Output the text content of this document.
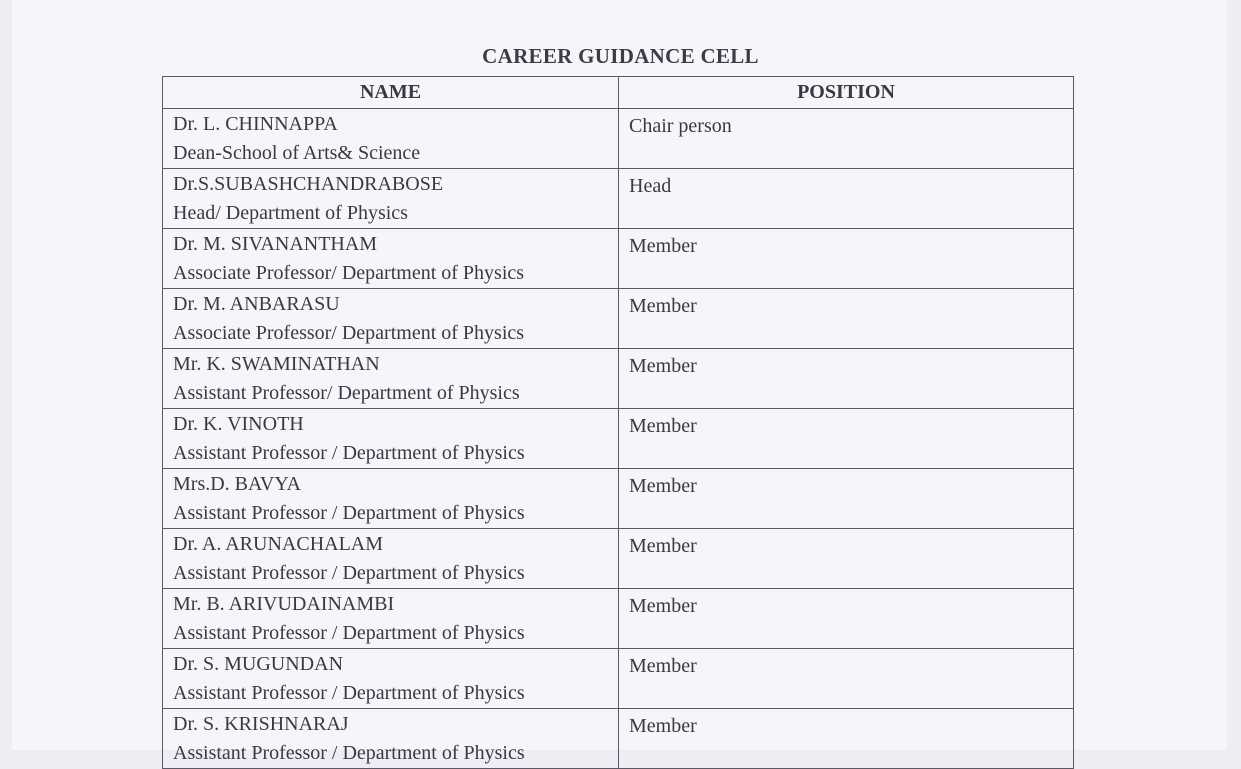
CAREER GUIDANCE CELL
NAME	POSITION

Dr. L. CHINNAPPA
Dean-School of Arts& Science	Chair person

Dr.S.SUBASHCHANDRABOSE
Head/ Department of Physics	Head

Dr. M. SIVANANTHAM
Associate Professor/ Department of Physics	Member

Dr. M. ANBARASU
Associate Professor/ Department of Physics	Member

Mr. K. SWAMINATHAN
Assistant Professor/ Department of Physics	Member

Dr. K. VINOTH
Assistant Professor / Department of Physics	Member

Mrs.D. BAVYA
Assistant Professor / Department of Physics	Member

Dr. A. ARUNACHALAM
Assistant Professor / Department of Physics	Member

Mr. B. ARIVUDAINAMBI
Assistant Professor / Department of Physics	Member

Dr. S. MUGUNDAN
Assistant Professor / Department of Physics	Member

Dr. S. KRISHNARAJ
Assistant Professor / Department of Physics	Member
